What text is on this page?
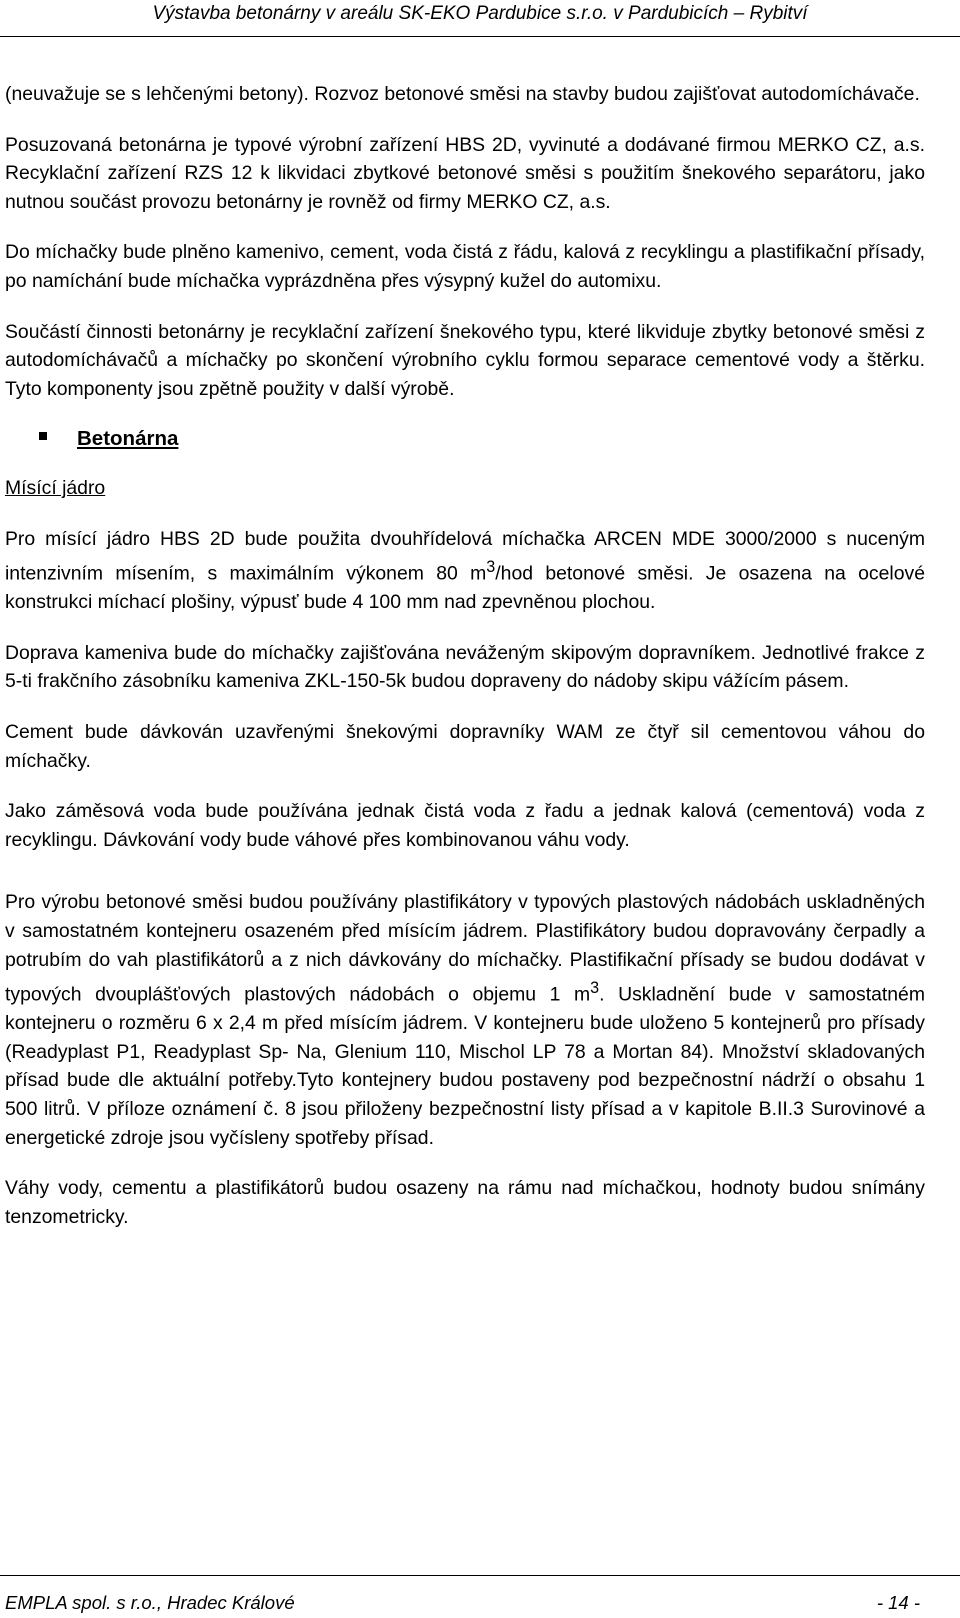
Výstavba betonárny v areálu SK-EKO Pardubice s.r.o. v Pardubicích – Rybitví

(neuvažuje se s lehčenými betony). Rozvoz betonové směsi na stavby budou zajišťovat autodomíchávače.

Posuzovaná betonárna je typové výrobní zařízení HBS 2D, vyvinuté a dodávané firmou MERKO CZ, a.s. Recyklační zařízení RZS 12 k likvidaci zbytkové betonové směsi s použitím šnekového separátoru, jako nutnou součást provozu betonárny je rovněž od firmy MERKO CZ, a.s.

Do míchačky bude plněno kamenivo, cement, voda čistá z řádu, kalová z recyklingu a plastifikační přísady, po namíchání bude míchačka vyprázdněna přes výsypný kužel do automixu.

Součástí činnosti betonárny je recyklační zařízení šnekového typu, které likviduje zbytky betonové směsi z autodomíchávačů a míchačky po skončení výrobního cyklu formou separace cementové vody a štěrku. Tyto komponenty jsou zpětně použity v další výrobě.

Betonárna

Mísící jádro

Pro mísící jádro HBS 2D bude použita dvouhřídelová míchačka ARCEN MDE 3000/2000 s nuceným intenzivním mísením, s maximálním výkonem 80 $m^3$/hod betonové směsi. Je osazena na ocelové konstrukci míchací plošiny, výpusť bude 4 100 mm nad zpevněnou plochou.

Doprava kameniva bude do míchačky zajišťována neváženým skipovým dopravníkem. Jednotlivé frakce z 5-ti frakčního zásobníku kameniva ZKL-150-5k budou dopraveny do nádoby skipu vážícím pásem.

Cement bude dávkován uzavřenými šnekovými dopravníky WAM ze čtyř sil cementovou váhou do míchačky.

Jako záměsová voda bude používána jednak čistá voda z řadu a jednak kalová (cementová) voda z recyklingu. Dávkování vody bude váhové přes kombinovanou váhu vody.

Pro výrobu betonové směsi budou používány plastifikátory v typových plastových nádobách uskladněných v samostatném kontejneru osazeném před mísícím jádrem. Plastifikátory budou dopravovány čerpadly a potrubím do vah plastifikátorů a z nich dávkovány do míchačky. Plastifikační přísady se budou dodávat v typových dvouplášťových plastových nádobách o objemu 1 $m^3$. Uskladnění bude v samostatném kontejneru o rozměru 6 x 2,4 m před mísícím jádrem. V kontejneru bude uloženo 5 kontejnerů pro přísady (Readyplast P1, Readyplast Sp- Na, Glenium 110, Mischol LP 78 a Mortan 84). Množství skladovaných přísad bude dle aktuální potřeby.Tyto kontejnery budou postaveny pod bezpečnostní nádrží o obsahu 1 500 litrů. V příloze oznámení č. 8 jsou přiloženy bezpečnostní listy přísad a v kapitole B.II.3 Surovinové a energetické zdroje jsou vyčísleny spotřeby přísad.

Váhy vody, cementu a plastifikátorů budou osazeny na rámu nad míchačkou, hodnoty budou snímány tenzometricky.

EMPLA spol. s r.o., Hradec Králové	- 14 -
